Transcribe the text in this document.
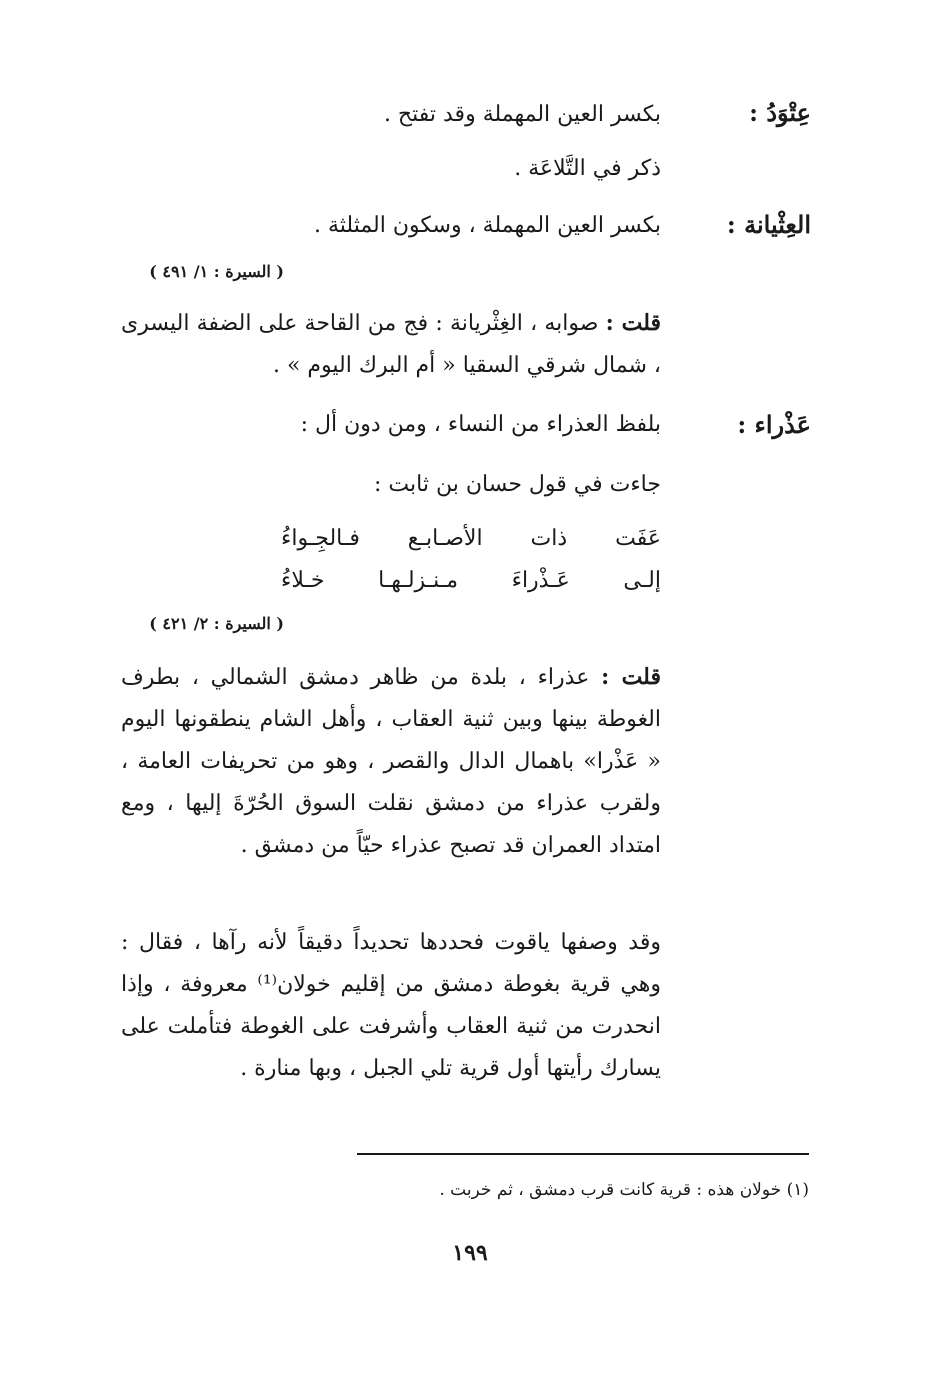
عِتْوَدُ :
بكسر العين المهملة وقد تفتح .
ذكر في التَّلاعَة .
العِثْيانة :
بكسر العين المهملة ، وسكون المثلثة .
( السيرة : ١/ ٤٩١ )
قلت : صوابه ، الغِثْريانة : فج من القاحة على الضفة اليسرى ، شمال شرقي السقيا « أم البرك اليوم » .
عَذْراء :
بلفظ العذراء من النساء ، ومن دون أل :
جاءت في قول حسان بن ثابت :
عَفَت ذات الأصـابـع فـالجِـواءُ
إلـى عَـذْراءَ مـنـزلـهـا خـلاءُ
( السيرة : ٢/ ٤٢١ )
قلت : عذراء ، بلدة من ظاهر دمشق الشمالي ، بطرف الغوطة بينها وبين ثنية العقاب ، وأهل الشام ينطقونها اليوم « عَذْرا» باهمال الدال والقصر ، وهو من تحريفات العامة ، ولقرب عذراء من دمشق نقلت السوق الحُرّةَ إليها ، ومع امتداد العمران قد تصبح عذراء حيّاً من دمشق .
وقد وصفها ياقوت فحددها تحديداً دقيقاً لأنه رآها ، فقال : وهي قرية بغوطة دمشق من إقليم خولان⁽¹⁾ معروفة ، وإذا انحدرت من ثنية العقاب وأشرفت على الغوطة فتأملت على يسارك رأيتها أول قرية تلي الجبل ، وبها منارة .
(١) خولان هذه : قرية كانت قرب دمشق ، ثم خربت .
١٩٩
